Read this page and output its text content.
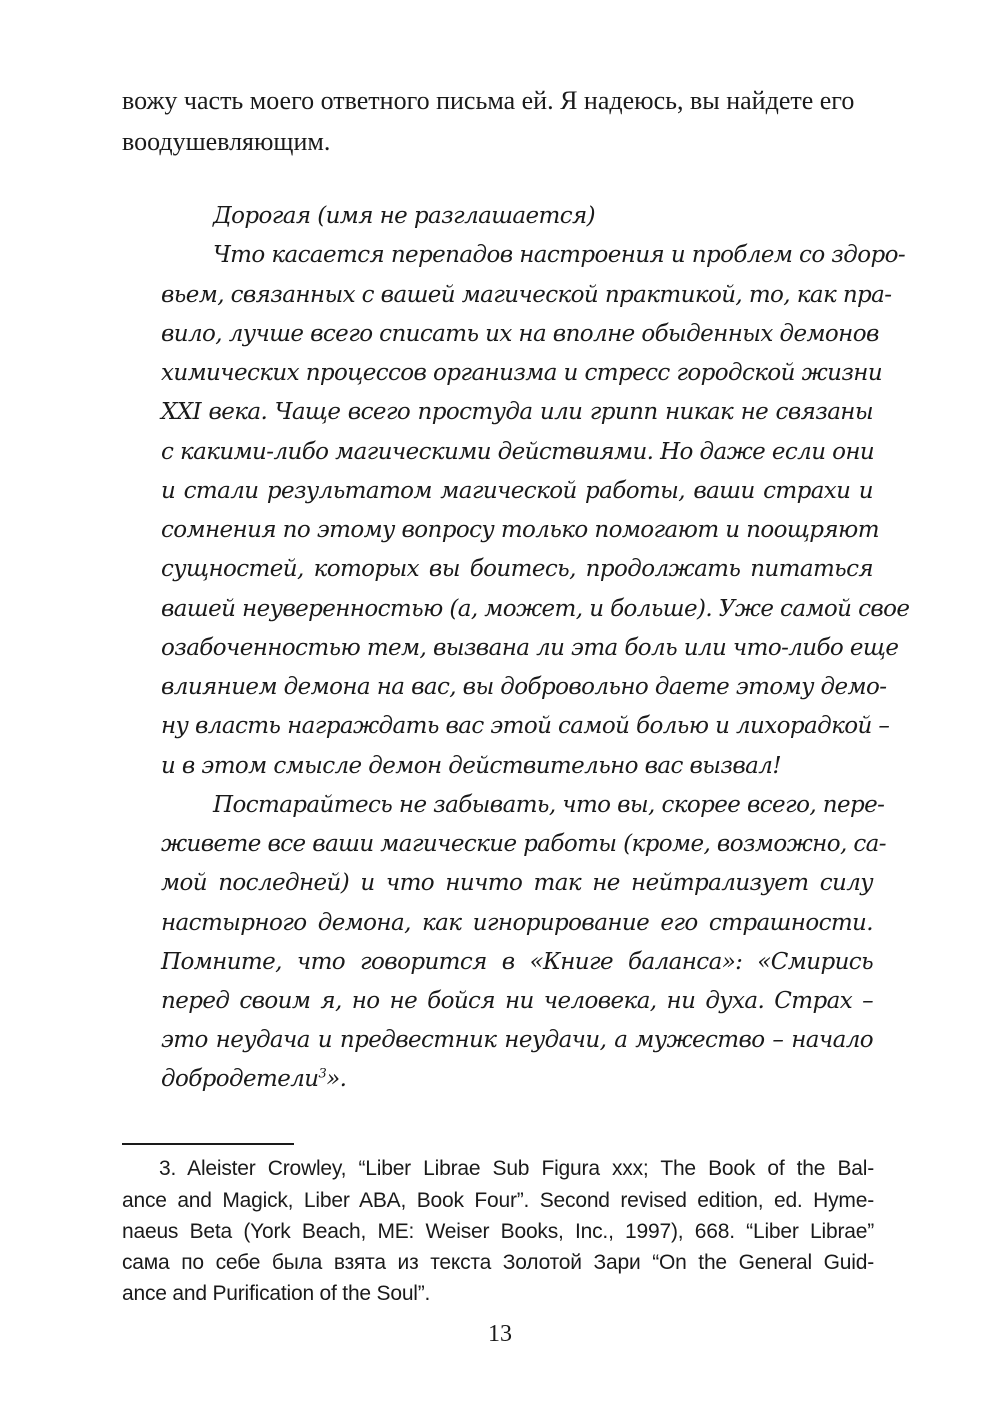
вожу часть моего ответного письма ей. Я надеюсь, вы найдете его
воодушевляющим.
Дорогая (имя не разглашается)
Что касается перепадов настроения и проблем со здоро-
вьем, связанных с вашей магической практикой, то, как пра-
вило, лучше всего списать их на вполне обыденных демонов
химических процессов организма и стресс городской жизни
XXI века. Чаще всего простуда или грипп никак не связаны
с какими-либо магическими действиями. Но даже если они
и стали результатом магической работы, ваши страхи и
сомнения по этому вопросу только помогают и поощряют
сущностей, которых вы боитесь, продолжать питаться
вашей неуверенностью (а, может, и больше). Уже самой свое
озабоченностью тем, вызвана ли эта боль или что-либо еще
влиянием демона на вас, вы добровольно даете этому демо-
ну власть награждать вас этой самой болью и лихорадкой –
и в этом смысле демон действительно вас вызвал!
Постарайтесь не забывать, что вы, скорее всего, пере-
живете все ваши магические работы (кроме, возможно, са-
мой последней) и что ничто так не нейтрализует силу
настырного демона, как игнорирование его страшности.
Помните, что говорится в «Книге баланса»: «Смирись
перед своим я, но не бойся ни человека, ни духа. Страх –
это неудача и предвестник неудачи, а мужество – начало
добродетели$^3$».
3. Aleister Crowley, “Liber Librae Sub Figura xxx; The Book of the Bal-
ance and Magick, Liber ABA, Book Four”. Second revised edition, ed. Hyme-
naeus Beta (York Beach, ME: Weiser Books, Inc., 1997), 668. “Liber Librae”
сама по себе была взята из текста Золотой Зари “On the General Guid-
ance and Purification of the Soul”.
13
